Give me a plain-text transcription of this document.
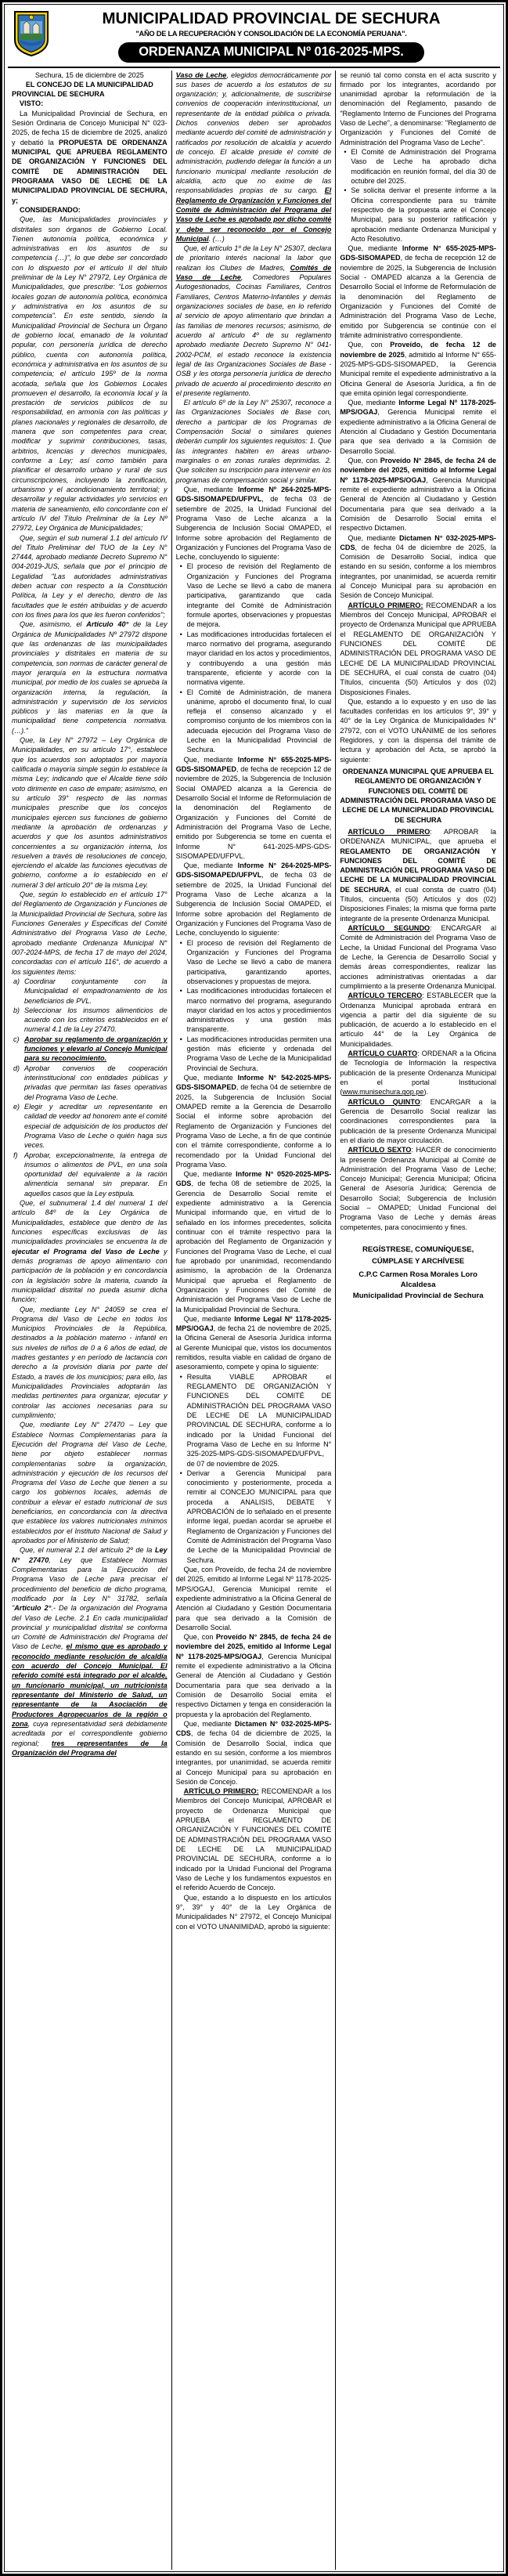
MUNICIPALIDAD PROVINCIAL DE SECHURA
"AÑO DE LA RECUPERACIÓN Y CONSOLIDACIÓN DE LA ECONOMÍA PERUANA".
ORDENANZA MUNICIPAL Nº 016-2025-MPS.

Sechura, 15 de diciembre de 2025

EL CONCEJO DE LA MUNICIPALIDAD

PROVINCIAL DE SECHURA

VISTO:

La Municipalidad Provincial de Sechura, en Sesión Ordinaria de Concejo Municipal N° 023-2025, de fecha 15 de diciembre de 2025, analizó y debatió la PROPUESTA DE ORDENANZA MUNICIPAL QUE APRUEBA REGLAMENTO DE ORGANIZACIÓN Y FUNCIONES DEL COMITÉ DE ADMINISTRACIÓN DEL PROGRAMA VASO DE LECHE DE LA MUNICIPALIDAD PROVINCIAL DE SECHURA, y;

CONSIDERANDO:

Que, las Municipalidades provinciales y distritales son órganos de Gobierno Local. Tienen autonomía política, económica y administrativas en los asuntos de su competencia (…)", lo que debe ser concordado con lo dispuesto por el artículo II del título preliminar de la Ley N° 27972, Ley Orgánica de Municipalidades, que prescribe: "Los gobiernos locales gozan de autonomía política, económica y administrativa en los asuntos de su competencia". En este sentido, siendo la Municipalidad Provincial de Sechura un Órgano de gobierno local, emanado de la voluntad popular, con personería jurídica de derecho público, cuenta con autonomía política, económica y administrativa en los asuntos de su competencia; el artículo 195º de la norma acotada, señala que los Gobiernos Locales promueven el desarrollo, la economía local y la prestación de servicios públicos de su responsabilidad, en armonía con las políticas y planes nacionales y regionales de desarrollo, de manera que son competentes para crear, modificar y suprimir contribuciones, tasas, arbitrios, licencias y derechos municipales, conforme a Ley; así como también para planificar el desarrollo urbano y rural de sus circunscripciones, incluyendo la zonificación, urbanismo y el acondicionamiento territorial; y desarrollar y regular actividades y/o servicios en materia de saneamiento, ello concordante con el artículo IV del Título Preliminar de la Ley Nº 27972, Ley Orgánica de Municipalidades;

Que, según el sub numeral 1.1 del artículo IV del Titulo Preliminar del TUO de la Ley N° 27444, aprobado mediante Decreto Supremo N° 004-2019-JUS, señala que por el principio de Legalidad "Las autoridades administrativas deben actuar con respecto a la Constitución Política, la Ley y el derecho, dentro de las facultades que le estén atribuidas y de acuerdo con los fines para los que les fueron conferidos";

Que, asimismo, el Artículo 40° de la Ley Orgánica de Municipalidades Nº 27972 dispone que las ordenanzas de las municipalidades provinciales y distritales en materia de su competencia, son normas de carácter general de mayor jerarquía en la estructura normativa municipal, por medio de los cuales se aprueba la organización interna, la regulación, la administración y supervisión de los servicios públicos y las materias en la que la municipalidad tiene competencia normativa. (…)."

Que, la Ley N° 27972 – Ley Orgánica de Municipalidades, en su artículo 17°, establece que los acuerdos son adoptados por mayoría calificada o mayoría simple según lo establece la misma Ley; indicando que el Alcalde tiene sólo voto dirimente en caso de empate; asimismo, en su artículo 39° respecto de las normas municipales prescribe que los concejos municipales ejercen sus funciones de gobierno mediante la aprobación de ordenanzas y acuerdos y que los asuntos administrativos concernientes a su organización interna, los resuelven a través de resoluciones de concejo, ejerciendo el alcalde las funciones ejecutivas de gobierno, conforme a lo establecido en el numeral 3 del artículo 20° de la misma Ley.

Que, según lo establecido en el artículo 17° del Reglamento de Organización y Funciones de la Municipalidad Provincial de Sechura, sobre las Funciones Generales y Específicas del Comité Administrativo del Programa Vaso de Leche, aprobado mediante Ordenanza Municipal N° 007-2024-MPS, de fecha 17 de mayo del 2024, concordadas con el artículo 116°, de acuerdo a los siguientes ítems:

a) Coordinar conjuntamente con la Municipalidad el empadronamiento de los beneficiarios de PVL.
b) Seleccionar los insumos alimenticios de acuerdo con los criterios establecidos en el numeral 4.1 de la Ley 27470.
c) Aprobar su reglamento de organización y funciones y elevarlo al Concejo Municipal para su reconocimiento.
d) Aprobar convenios de cooperación interinstitucional con entidades públicas y privadas que permitan las fases operativas del Programa Vaso de Leche.
e) Elegir y acreditar un representante en calidad de veedor ad honorem ante el comité especial de adquisición de los productos del Programa Vaso de Leche o quién haga sus veces.
f) Aprobar, excepcionalmente, la entrega de insumos o alimentos de PVL, en una sola oportunidad del equivalente a la ración alimenticia semanal sin preparar. En aquellos casos que la Ley estipula.

Que, el subnumeral 1.4 del numeral 1 del artículo 84º de la Ley Orgánica de Municipalidades, establece que dentro de las funciones específicas exclusivas de las municipalidades provinciales se encuentra la de ejecutar el Programa del Vaso de Leche y demás programas de apoyo alimentario con participación de la población y en concordancia con la legislación sobre la materia, cuando la municipalidad distrital no pueda asumir dicha función;

Que, mediante Ley N° 24059 se crea el Programa del Vaso de Leche en todos los Municipios Provinciales de la República, destinados a la población materno - infantil en sus niveles de niños de 0 a 6 años de edad, de madres gestantes y en período de lactancia con derecho a la provisión diaria por parte del Estado, a través de los municipios; para ello, las Municipalidades Provinciales adoptarán las medidas pertinentes para organizar, ejecutar y controlar las acciones necesarias para su cumplimiento;

Que, mediante Ley N° 27470 – Ley que Establece Normas Complementarias para la Ejecución del Programa del Vaso de Leche, tiene por objeto establecer normas complementarias sobre la organización, administración y ejecución de los recursos del Programa del Vaso de Leche que tienen a su cargo los gobiernos locales, además de contribuir a elevar el estado nutricional de sus beneficiarios, en concordancia con la directiva que establece los valores nutricionales mínimos establecidos por el Instituto Nacional de Salud y aprobados por el Ministerio de Salud;

Que, el numeral 2.1 del artículo 2º de la Ley N° 27470, Ley que Establece Normas Complementarias para la Ejecución del Programa Vaso de Leche para precisar el procedimiento del beneficio de dicho programa, modificado por la Ley N° 31782, señala "Artículo 2°.- De la organización del Programa del Vaso de Leche. 2.1 En cada municipalidad provincial y municipalidad distrital se conforma un Comité de Administración del Programa del Vaso de Leche, el mismo que es aprobado y reconocido mediante resolución de alcaldía con acuerdo del Concejo Municipal. El referido comité está integrado por el alcalde, un funcionario municipal, un nutricionista representante del Ministerio de Salud, un representante de la Asociación de Productores Agropecuarios de la región o zona, cuya representatividad será debidamente acreditada por el correspondiente gobierno regional; tres representantes de la Organización del Programa del

Vaso de Leche, elegidos democráticamente por sus bases de acuerdo a los estatutos de su organización; y, adicionalmente, de suscribirse convenios de cooperación interinstitucional, un representante de la entidad pública o privada. Dichos convenios deben ser aprobados mediante acuerdo del comité de administración y ratificados por resolución de alcaldía y acuerdo de concejo. El alcalde preside el comité de administración, pudiendo delegar la función a un funcionario municipal mediante resolución de alcaldía, acto que no exime de las responsabilidades propias de su cargo. El Reglamento de Organización y Funciones del Comité de Administración del Programa del Vaso de Leche es aprobado por dicho comité y debe ser reconocido por el Concejo Municipal. (…)

Que, el artículo 1º de la Ley N° 25307, declara de prioritario interés nacional la labor que realizan los Clubes de Madres, Comités de Vaso de Leche, Comedores Populares Autogestionados, Cocinas Familiares, Centros Familiares, Centros Materno-Infantiles y demás organizaciones sociales de base, en lo referido al servicio de apoyo alimentario que brindan a las familias de menores recursos; asimismo, de acuerdo al artículo 4º de su reglamento aprobado mediante Decreto Supremo N° 041-2002-PCM, el estado reconoce la existencia legal de las Organizaciones Sociales de Base -OSB y les otorga personería jurídica de derecho privado de acuerdo al procedimiento descrito en el presente reglamento.

El artículo 6º de la Ley N° 25307, reconoce a las Organizaciones Sociales de Base con, derecho a participar de los Programas de Compensación Social o similares quienes deberán cumplir los siguientes requisitos: 1. Que las integrantes habiten en áreas urbano-marginales o en zonas rurales deprimidas. 2. Que soliciten su inscripción para intervenir en los programas de compensación social y similar.

Que, mediante Informe Nº 264-2025-MPS-GDS-SISOMAPED/UFPVL, de fecha 03 de setiembre de 2025, la Unidad Funcional del Programa Vaso de Leche alcanza a la Subgerencia de Inclusión Social OMAPED, el Informe sobre aprobación del Reglamento de Organización y Funciones del Programa Vaso de Leche, concluyendo lo siguiente:

• El proceso de revisión del Reglamento de Organización y Funciones del Programa Vaso de Leche se llevó a cabo de manera participativa, garantizando que cada integrante del Comité de Administración formule aportes, observaciones y propuestas de mejora.
• Las modificaciones introducidas fortalecen el marco normativo del programa, asegurando mayor claridad en los actos y procedimientos, y contribuyendo a una gestión más transparente, eficiente y acorde con la normativa vigente.
• El Comité de Administración, de manera unánime, aprobó el documento final, lo cual refleja el consenso alcanzado y el compromiso conjunto de los miembros con la adecuada ejecución del Programa Vaso de Leche en la Municipalidad Provincial de Sechura.

Que, mediante Informe N° 655-2025-MPS-GDS-SISOMAPED, de fecha de recepción 12 de noviembre de 2025, la Subgerencia de Inclusión Social OMAPED alcanza a la Gerencia de Desarrollo Social el Informe de Reformulación de la denominación del Reglamento de Organización y Funciones del Comité de Administración del Programa Vaso de Leche, emitido por Subgerencia se tome en cuenta el Informe N° 641-2025-MPS-GDS-SISOMAPED/UFPVL.

Que, mediante Informe N° 264-2025-MPS-GDS-SISOMAPED/UFPVL, de fecha 03 de setiembre de 2025, la Unidad Funcional del Programa Vaso de Leche alcanza a la Subgerencia de Inclusión Social OMAPED, el Informe sobre aprobación del Reglamento de Organización y Funciones del Programa Vaso de Leche, concluyendo lo siguiente:

• El proceso de revisión del Reglamento de Organización y Funciones del Programa Vaso de Leche se llevó a cabo de manera participativa, garantizando aportes, observaciones y propuestas de mejora.
• Las modificaciones introducidas fortalecen el marco normativo del programa, asegurando mayor claridad en los actos y procedimientos administrativos y una gestión más transparente.
• Las modificaciones introducidas permiten una gestión más eficiente y ordenada del Programa Vaso de Leche de la Municipalidad Provincial de Sechura.

Que, mediante Informe N° 542-2025-MPS-GDS-SISOMAPED, de fecha 04 de setiembre de 2025, la Subgerencia de Inclusión Social OMAPED remite a la Gerencia de Desarrollo Social el informe sobre aprobación del Reglamento de Organización y Funciones del Programa Vaso de Leche, a fin de que continúe con el trámite correspondiente, conforme a lo recomendado por la Unidad Funcional del Programa Vaso.

Que, mediante Informe N° 0520-2025-MPS-GDS, de fecha 08 de setiembre de 2025, la Gerencia de Desarrollo Social remite el expediente administrativo a la Gerencia Municipal informando que, en virtud de lo señalado en los informes precedentes, solicita continuar con el trámite respectivo para la aprobación del Reglamento de Organización y Funciones del Programa Vaso de Leche, el cual fue aprobado por unanimidad, recomendando asimismo, la aprobación de la Ordenanza Municipal que aprueba el Reglamento de Organización y Funciones del Comité de Administración del Programa Vaso de Leche de la Municipalidad Provincial de Sechura.

Que, mediante Informe Legal Nº 1178-2025-MPS/OGAJ, de fecha 21 de noviembre de 2025, la Oficina General de Asesoría Jurídica informa al Gerente Municipal que, vistos los documentos remitidos, resulta viable en calidad de órgano de asesoramiento, compete y opina lo siguiente:

• Resulta VIABLE APROBAR el REGLAMENTO DE ORGANIZACIÓN Y FUNCIONES DEL COMITÉ DE ADMINISTRACIÓN DEL PROGRAMA VASO DE LECHE DE LA MUNICIPALIDAD PROVINCIAL DE SECHURA, conforme a lo indicado por la Unidad Funcional del Programa Vaso de Leche en su Informe N° 325-2025-MPS-GDS-SISOMAPED/UFPVL, de 07 de noviembre de 2025.
• Derivar a Gerencia Municipal para conocimiento y posteriormente, proceda a remitir al CONCEJO MUNICIPAL para que proceda a ANALISIS, DEBATE Y APROBACIÓN de lo señalado en el presente informe legal, puedan acordar se apruebe el Reglamento de Organización y Funciones del Comité de Administración del Programa Vaso de Leche de la Municipalidad Provincial de Sechura.

Que, con Proveído, de fecha 24 de noviembre del 2025, emitido al Informe Legal Nº 1178-2025-MPS/OGAJ, Gerencia Municipal remite el expediente administrativo a la Oficina General de Atención al Ciudadano y Gestión Documentaria para que sea derivado a la Comisión de Desarrollo Social.

Que, con Proveído N° 2845, de fecha 24 de noviembre del 2025, emitido al Informe Legal Nº 1178-2025-MPS/OGAJ, Gerencia Municipal remite el expediente administrativo a la Oficina General de Atención al Ciudadano y Gestión Documentaria para que sea derivado a la Comisión de Desarrollo Social emita el respectivo Dictamen y tenga en consideración la propuesta y la aprobación del Reglamento.

Que, mediante Dictamen N° 032-2025-MPS-CDS, de fecha 04 de diciembre de 2025, la Comisión de Desarrollo Social, indica que estando en su sesión, conforme a los miembros integrantes, por unanimidad, se acuerda remitir al Concejo Municipal para su aprobación en Sesión de Concejo.

ARTÍCULO PRIMERO: RECOMENDAR a los Miembros del Concejo Municipal, APROBAR el proyecto de Ordenanza Municipal que APRUEBA el REGLAMENTO DE ORGANIZACIÓN Y FUNCIONES DEL COMITÉ DE ADMINISTRACIÓN DEL PROGRAMA VASO DE LECHE DE LA MUNICIPALIDAD PROVINCIAL DE SECHURA, conforme a lo indicado por la Unidad Funcional del Programa Vaso de Leche y los fundamentos expuestos en el referido Acuerdo de Concejo.

Que, estando a lo dispuesto en los artículos 9°, 39° y 40° de la Ley Orgánica de Municipalidades N° 27972, el Concejo Municipal con el VOTO UNANIMIDAD, aprobó la siguiente:

se reunió tal como consta en el acta suscrito y firmado por los integrantes, acordando por unanimidad aprobar la reformulación de la denominación del Reglamento, pasando de "Reglamento Interno de Funciones del Programa Vaso de Leche", a denominarse: "Reglamento de Organización y Funciones del Comité de Administración del Programa Vaso de Leche".

• El Comité de Administración del Programa Vaso de Leche ha aprobado dicha modificación en reunión formal, del día 30 de octubre del 2025.
• Se solicita derivar el presente informe a la Oficina correspondiente para su trámite respectivo de la propuesta ante el Concejo Municipal, para su posterior ratificación y aprobación mediante Ordenanza Municipal y Acto Resolutivo.

Que, mediante Informe N° 655-2025-MPS-GDS-SISOMAPED, de fecha de recepción 12 de noviembre de 2025, la Subgerencia de Inclusión Social - OMAPED alcanza a la Gerencia de Desarrollo Social el Informe de Reformulación de la denominación del Reglamento de Organización y Funciones del Comité de Administración del Programa Vaso de Leche, emitido por Subgerencia se continúe con el trámite administrativo correspondiente.

Que, con Proveído, de fecha 12 de noviembre de 2025, admitido al Informe N° 655-2025-MPS-GDS-SISOMAPED, la Gerencia Municipal remite el expediente administrativo a la Oficina General de Asesoría Jurídica, a fin de que emita opinión legal correspondiente.

Que, mediante Informe Legal Nº 1178-2025-MPS/OGAJ, Gerencia Municipal remite el expediente administrativo a la Oficina General de Atención al Ciudadano y Gestión Documentaria para que sea derivado a la Comisión de Desarrollo Social.

Que, con Proveído N° 2845, de fecha 24 de noviembre del 2025, emitido al Informe Legal Nº 1178-2025-MPS/OGAJ, Gerencia Municipal remite el expediente administrativo a la Oficina General de Atención al Ciudadano y Gestión Documentaria para que sea derivado a la Comisión de Desarrollo Social emita el respectivo Dictamen.

Que, mediante Dictamen N° 032-2025-MPS-CDS, de fecha 04 de diciembre de 2025, la Comisión de Desarrollo Social, indica que estando en su sesión, conforme a los miembros integrantes, por unanimidad, se acuerda remitir al Concejo Municipal para su aprobación en Sesión de Concejo Municipal.

ARTÍCULO PRIMERO: RECOMENDAR a los Miembros del Concejo Municipal, APROBAR el proyecto de Ordenanza Municipal que APRUEBA el REGLAMENTO DE ORGANIZACIÓN Y FUNCIONES DEL COMITÉ DE ADMINISTRACIÓN DEL PROGRAMA VASO DE LECHE DE LA MUNICIPALIDAD PROVINCIAL DE SECHURA, el cual consta de cuatro (04) Títulos, cincuenta (50) Artículos y dos (02) Disposiciones Finales.

Que, estando a lo expuesto y en uso de las facultades conferidas en los artículos 9°, 39° y 40° de la Ley Orgánica de Municipalidades N° 27972, con el VOTO UNÁNIME de los señores Regidores, y con la dispensa del trámite de lectura y aprobación del Acta, se aprobó la siguiente:

ORDENANZA MUNICIPAL QUE APRUEBA EL REGLAMENTO DE ORGANIZACIÓN Y FUNCIONES DEL COMITÉ DE ADMINISTRACIÓN DEL PROGRAMA VASO DE LECHE DE LA MUNICIPALIDAD PROVINCIAL DE SECHURA

ARTÍCULO PRIMERO: APROBAR la ORDENANZA MUNICIPAL, que aprueba el REGLAMENTO DE ORGANIZACIÓN Y FUNCIONES DEL COMITÉ DE ADMINISTRACIÓN DEL PROGRAMA VASO DE LECHE DE LA MUNICIPALIDAD PROVINCIAL DE SECHURA, el cual consta de cuatro (04) Títulos, cincuenta (50) Artículos y dos (02) Disposiciones Finales; la misma que forma parte integrante de la presente Ordenanza Municipal.

ARTÍCULO SEGUNDO: ENCARGAR al Comité de Administración del Programa Vaso de Leche, la Unidad Funcional del Programa Vaso de Leche, la Gerencia de Desarrollo Social y demás áreas correspondientes, realizar las acciones administrativas orientadas a dar cumplimiento a la presente Ordenanza Municipal.

ARTÍCULO TERCERO: ESTABLECER que la Ordenanza Municipal aprobada entrará en vigencia a partir del día siguiente de su publicación, de acuerdo a lo establecido en el artículo 44° de la Ley Orgánica de Municipalidades.

ARTÍCULO CUARTO: ORDENAR a la Oficina de Tecnología de Información la respectiva publicación de la presente Ordenanza Municipal en el portal Institucional (www.munisechura.gop.pe).

ARTÍCULO QUINTO: ENCARGAR a la Gerencia de Desarrollo Social realizar las coordinaciones correspondientes para la publicación de la presente Ordenanza Municipal en el diario de mayor circulación.

ARTÍCULO SEXTO: HACER de conocimiento la presente Ordenanza Municipal al Comité de Administración del Programa Vaso de Leche; Concejo Municipal; Gerencia Municipal; Oficina General de Asesoría Jurídica; Gerencia de Desarrollo Social; Subgerencia de Inclusión Social – OMAPED; Unidad Funcional del Programa Vaso de Leche y demás áreas competentes, para conocimiento y fines.

REGÍSTRESE, COMUNÍQUESE,
CÚMPLASE Y ARCHÍVESE
C.P.C Carmen Rosa Morales Loro
Alcaldesa
Municipalidad Provincial de Sechura
